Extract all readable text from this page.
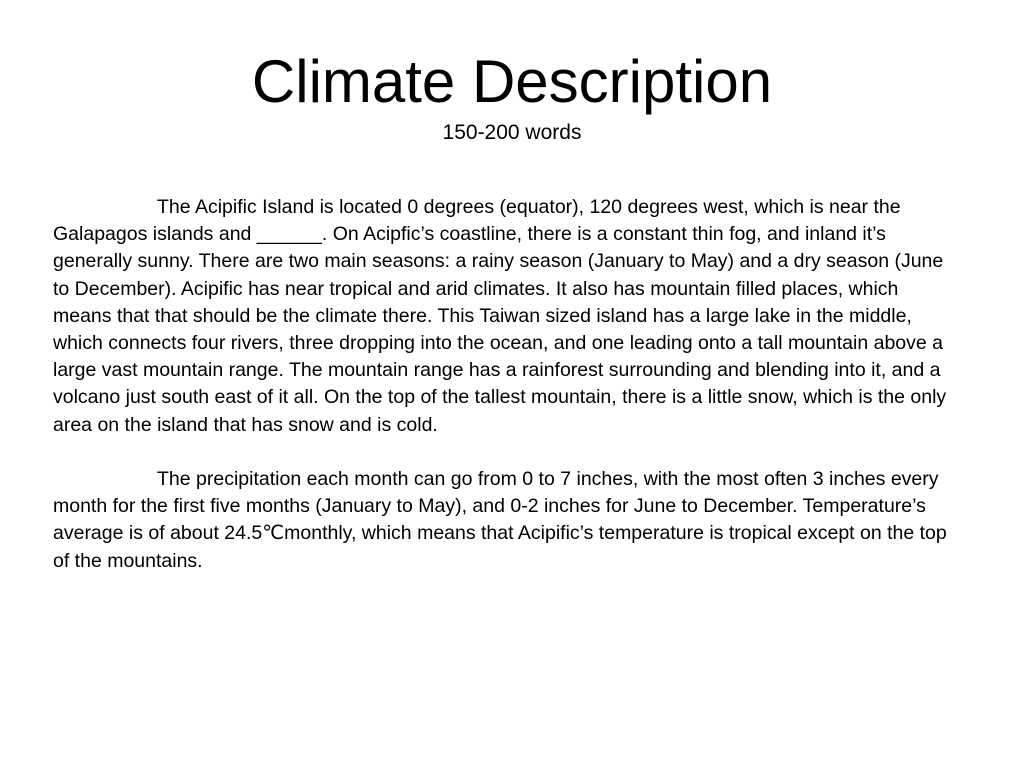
Climate Description
150-200 words

The Acipific Island is located 0 degrees (equator), 120 degrees west, which is near the Galapagos islands and ______. On Acipfic’s coastline, there is a constant thin fog, and inland it’s generally sunny. There are two main seasons: a rainy season (January to May) and a dry season (June to December). Acipific has near tropical and arid climates. It also has mountain filled places, which means that that should be the climate there. This Taiwan sized island has a large lake in the middle, which connects four rivers, three dropping into the ocean, and one leading onto a tall mountain above a large vast mountain range. The mountain range has a rainforest surrounding and blending into it, and a volcano just south east of it all. On the top of the tallest mountain, there is a little snow, which is the only area on the island that has snow and is cold.

The precipitation each month can go from 0 to 7 inches, with the most often 3 inches every month for the first five months (January to May), and 0-2 inches for June to December. Temperature’s average is of about 24.5℃monthly, which means that Acipific’s temperature is tropical except on the top of the mountains.
